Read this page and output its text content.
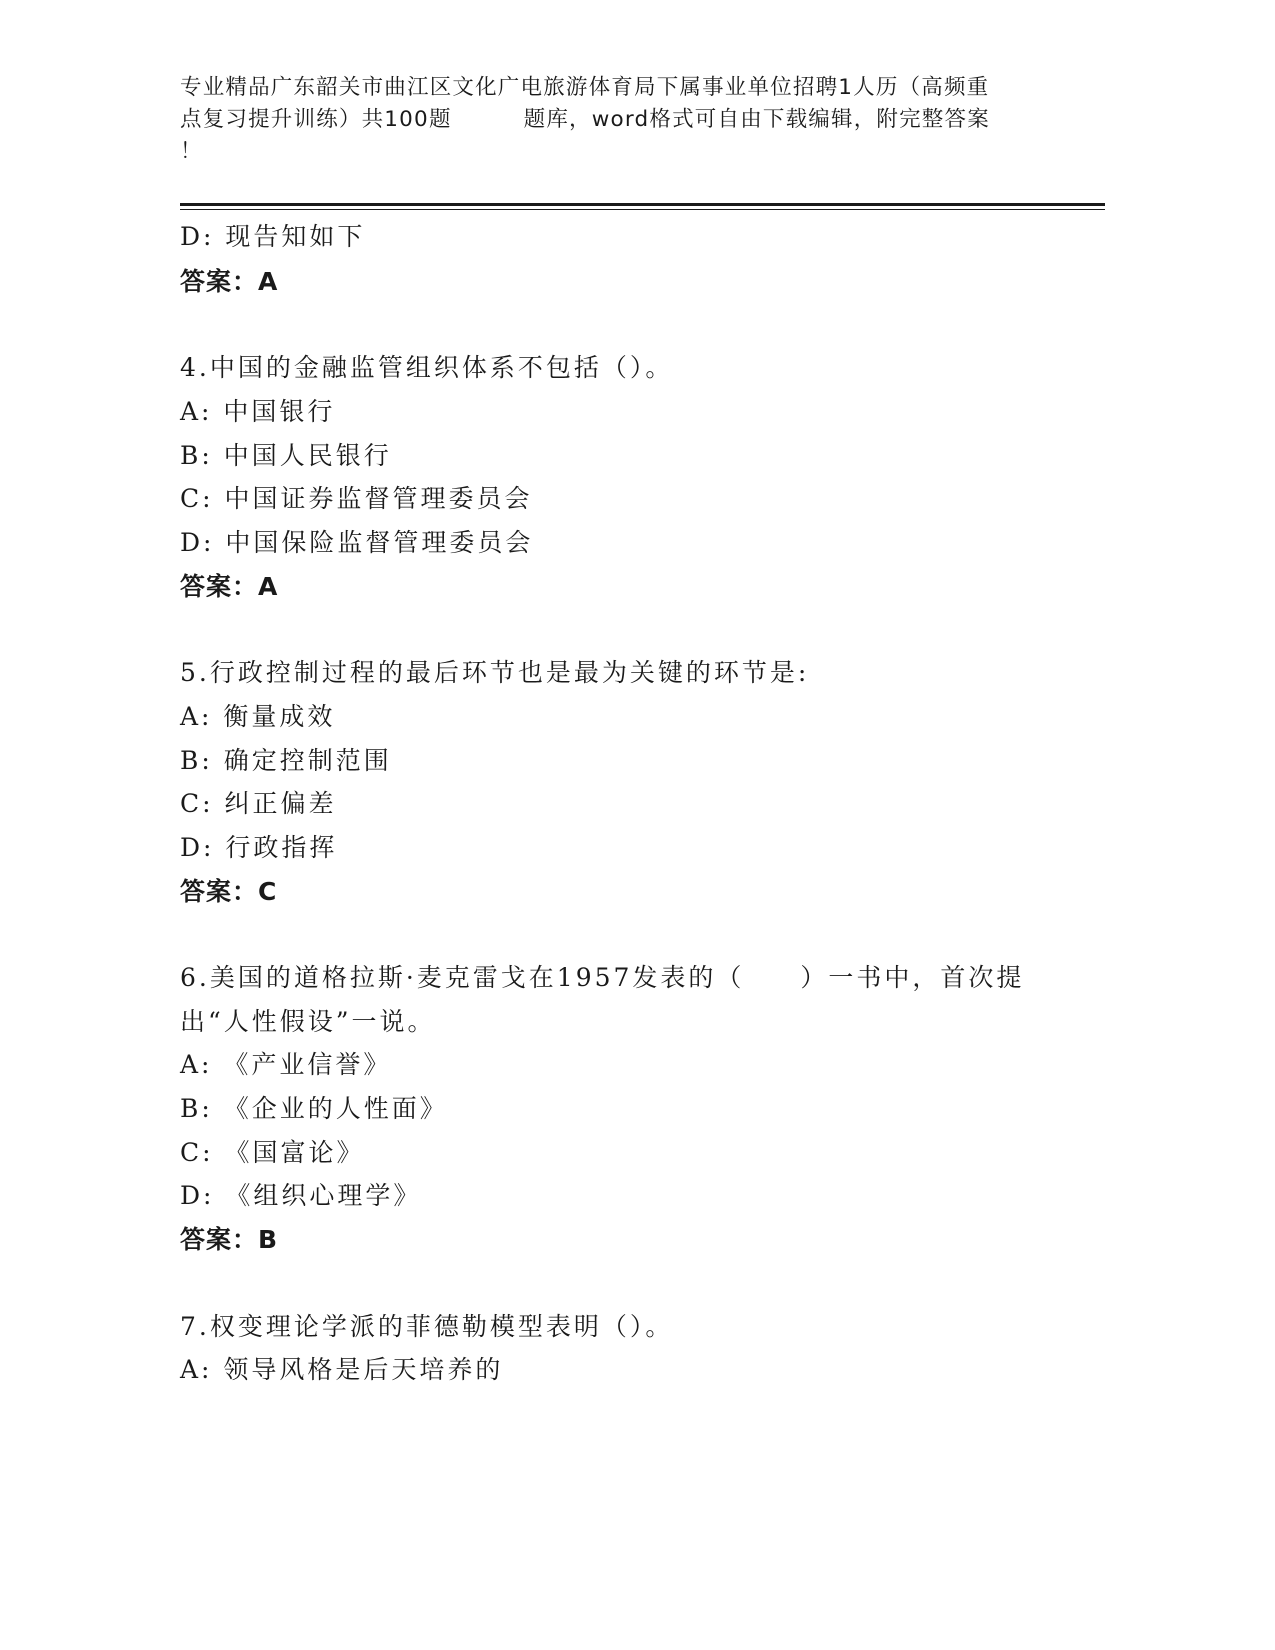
专业精品广东韶关市曲江区文化广电旅游体育局下属事业单位招聘1人历（高频重
点复习提升训练）共100题	题库，word格式可自由下载编辑，附完整答案
！
D: 现告知如下
答案：A
4.中国的金融监管组织体系不包括（）。
A: 中国银行
B: 中国人民银行
C: 中国证券监督管理委员会
D: 中国保险监督管理委员会
答案：A
5.行政控制过程的最后环节也是最为关键的环节是:
A: 衡量成效
B: 确定控制范围
C: 纠正偏差
D: 行政指挥
答案：C
6.美国的道格拉斯·麦克雷戈在1957发表的（　　）一书中，首次提
出“人性假设”一说。
A: 《产业信誉》
B: 《企业的人性面》
C: 《国富论》
D: 《组织心理学》
答案：B
7.权变理论学派的菲德勒模型表明（）。
A: 领导风格是后天培养的
